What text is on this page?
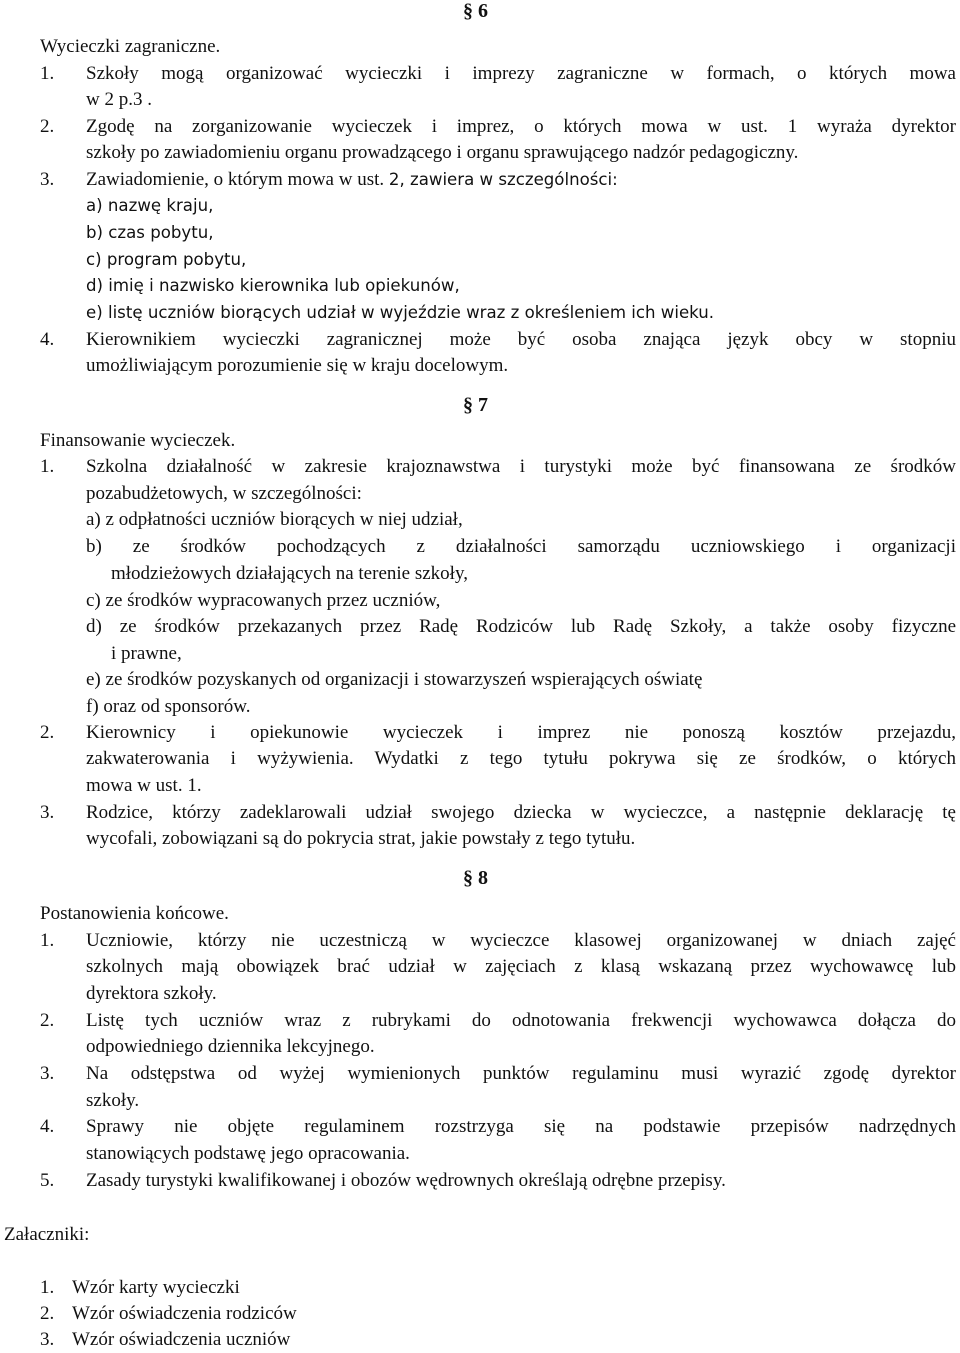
§ 6
Wycieczki zagraniczne.
1. Szkoły mogą organizować wycieczki i imprezy zagraniczne w formach, o których mowa
w 2 p.3 .
2. Zgodę na zorganizowanie wycieczek i imprez, o których mowa w ust. 1 wyraża dyrektor
szkoły po zawiadomieniu organu prowadzącego i organu sprawującego nadzór pedagogiczny.
3. Zawiadomienie, o którym mowa w ust. 2, zawiera w szczególności:
a) nazwę kraju,
b) czas pobytu,
c) program pobytu,
d) imię i nazwisko kierownika lub opiekunów,
e) listę uczniów biorących udział w wyjeździe wraz z określeniem ich wieku.
4. Kierownikiem wycieczki zagranicznej może być osoba znająca język obcy w stopniu
umożliwiającym porozumienie się w kraju docelowym.
§ 7
Finansowanie wycieczek.
1. Szkolna działalność w zakresie krajoznawstwa i turystyki może być finansowana ze środków
pozabudżetowych, w szczególności:
a) z odpłatności uczniów biorących w niej udział,
b) ze środków pochodzących z działalności samorządu uczniowskiego i organizacji
młodzieżowych działających na terenie szkoły,
c) ze środków wypracowanych przez uczniów,
d) ze środków przekazanych przez Radę Rodziców lub Radę Szkoły, a także osoby fizyczne
i prawne,
e) ze środków pozyskanych od organizacji i stowarzyszeń wspierających oświatę
f) oraz od sponsorów.
2. Kierownicy i opiekunowie wycieczek i imprez nie ponoszą kosztów przejazdu,
zakwaterowania i wyżywienia. Wydatki z tego tytułu pokrywa się ze środków, o których
mowa w ust. 1.
3. Rodzice, którzy zadeklarowali udział swojego dziecka w wycieczce, a następnie deklarację tę
wycofali, zobowiązani są do pokrycia strat, jakie powstały z tego tytułu.
§ 8
Postanowienia końcowe.
1. Uczniowie, którzy nie uczestniczą w wycieczce klasowej organizowanej w dniach zajęć
szkolnych mają obowiązek brać udział w zajęciach z klasą wskazaną przez wychowawcę lub
dyrektora szkoły.
2. Listę tych uczniów wraz z rubrykami do odnotowania frekwencji wychowawca dołącza do
odpowiedniego dziennika lekcyjnego.
3. Na odstępstwa od wyżej wymienionych punktów regulaminu musi wyrazić zgodę dyrektor
szkoły.
4. Sprawy nie objęte regulaminem rozstrzyga się na podstawie przepisów nadrzędnych
stanowiących podstawę jego opracowania.
5. Zasady turystyki kwalifikowanej i obozów wędrownych określają odrębne przepisy.
Załaczniki:
1. Wzór karty wycieczki
2. Wzór oświadczenia rodziców
3. Wzór oświadczenia uczniów
